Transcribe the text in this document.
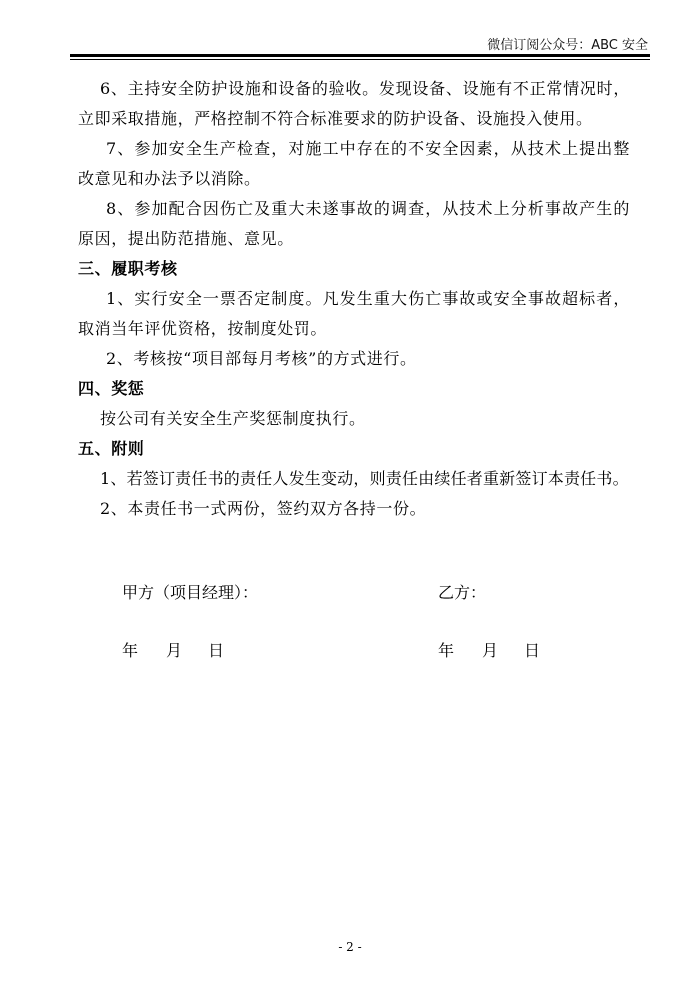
微信订阅公众号：ABC 安全

6、主持安全防护设施和设备的验收。发现设备、设施有不正常情况时，立即采取措施，严格控制不符合标准要求的防护设备、设施投入使用。

7、参加安全生产检查，对施工中存在的不安全因素，从技术上提出整改意见和办法予以消除。

8、参加配合因伤亡及重大未遂事故的调查，从技术上分析事故产生的原因，提出防范措施、意见。

三、履职考核

1、实行安全一票否定制度。凡发生重大伤亡事故或安全事故超标者，取消当年评优资格，按制度处罚。

2、考核按“项目部每月考核”的方式进行。

四、奖惩

按公司有关安全生产奖惩制度执行。

五、附则

1、若签订责任书的责任人发生变动，则责任由续任者重新签订本责任书。

2、本责任书一式两份，签约双方各持一份。

甲方（项目经理）：	乙方：
年	月	日	年	月	日
- 2 -
